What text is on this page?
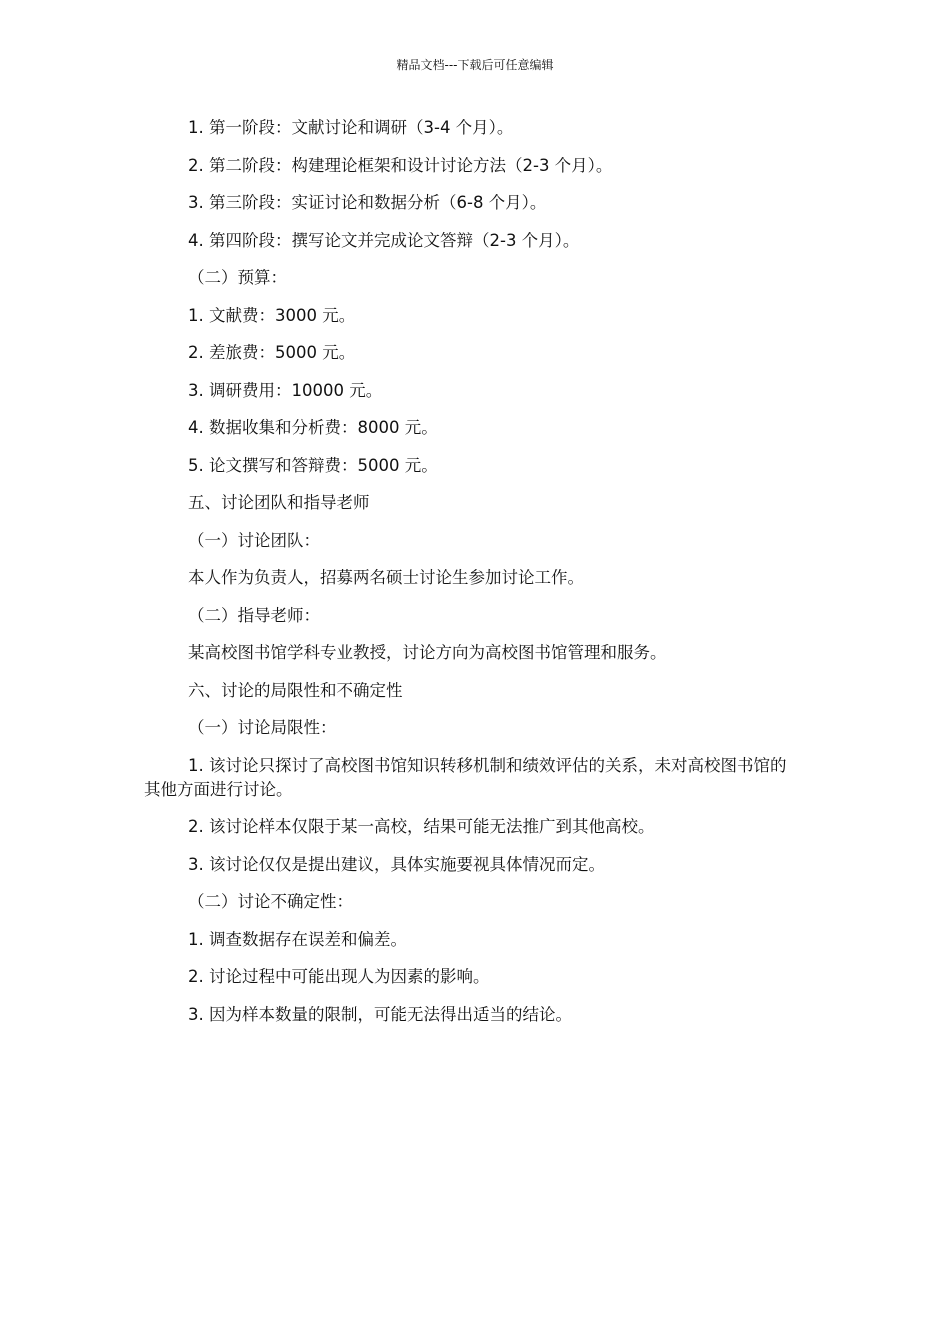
精品文档---下载后可任意编辑

1. 第一阶段：文献讨论和调研（3-4 个月）。

2. 第二阶段：构建理论框架和设计讨论方法（2-3 个月）。

3. 第三阶段：实证讨论和数据分析（6-8 个月）。

4. 第四阶段：撰写论文并完成论文答辩（2-3 个月）。

（二）预算：

1. 文献费：3000 元。

2. 差旅费：5000 元。

3. 调研费用：10000 元。

4. 数据收集和分析费：8000 元。

5. 论文撰写和答辩费：5000 元。

五、讨论团队和指导老师

（一）讨论团队：

本人作为负责人，招募两名硕士讨论生参加讨论工作。

（二）指导老师：

某高校图书馆学科专业教授，讨论方向为高校图书馆管理和服务。

六、讨论的局限性和不确定性

（一）讨论局限性：

1. 该讨论只探讨了高校图书馆知识转移机制和绩效评估的关系，未对高校图书馆的其他方面进行讨论。

2. 该讨论样本仅限于某一高校，结果可能无法推广到其他高校。

3. 该讨论仅仅是提出建议，具体实施要视具体情况而定。

（二）讨论不确定性：

1. 调查数据存在误差和偏差。

2. 讨论过程中可能出现人为因素的影响。

3. 因为样本数量的限制，可能无法得出适当的结论。
